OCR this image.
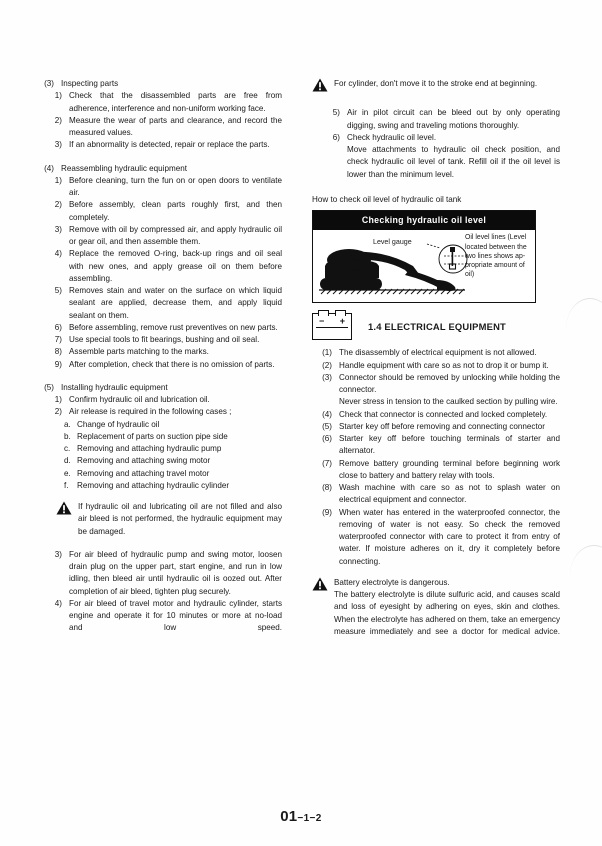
(3) Inspecting parts
1) Check that the disassembled parts are free from adherence, interference and non-uniform working face.
2) Measure the wear of parts and clearance, and record the measured values.
3) If an abnormality is detected, repair or replace the parts.
(4) Reassembling hydraulic equipment
1) Before cleaning, turn the fun on or open doors to ventilate air.
2) Before assembly, clean parts roughly first, and then completely.
3) Remove with oil by compressed air, and apply hydraulic oil or gear oil, and then assemble them.
4) Replace the removed O-ring, back-up rings and oil seal with new ones, and apply grease oil on them before assembling.
5) Removes stain and water on the surface on which liquid sealant are applied, decrease them, and apply liquid sealant on them.
6) Before assembling, remove rust preventives on new parts.
7) Use special tools to fit bearings, bushing and oil seal.
8) Assemble parts matching to the marks.
9) After completion, check that there is no omission of parts.
(5) Installing hydraulic equipment
1) Confirm hydraulic oil and lubrication oil.
2) Air release is required in the following cases ;
a. Change of hydraulic oil
b. Replacement of parts on suction pipe side
c. Removing and attaching hydraulic pump
d. Removing and attaching swing motor
e. Removing and attaching travel motor
f.	Removing and attaching hydraulic cylinder
If hydraulic oil and lubricating oil are not filled and also air bleed is not performed, the hydraulic equipment may be damaged.
3) For air bleed of hydraulic pump and swing motor, loosen drain plug on the upper part, start engine, and run in low idling, then bleed air until hydraulic oil is oozed out. After completion of air bleed, tighten plug securely.
4) For air bleed of travel motor and hydraulic cylinder, starts engine and operate it for 10 minutes or more at no-load and low speed.
For cylinder, don't move it to the stroke end at beginning.
5) Air in pilot circuit can be bleed out by only operating digging, swing and traveling motions thoroughly.
6) Check hydraulic oil level.
Move attachments to hydraulic oil check position, and check hydraulic oil level of tank. Refill oil if the oil level is lower than the minimum level.
How to check oil level of hydraulic oil tank
Checking hydraulic oil level
Level gauge
Oil level lines (Level located between the two lines shows ap-propriate amount of oil)
− + 1.4 ELECTRICAL EQUIPMENT
(1) The disassembly of electrical equipment is not allowed.
(2) Handle equipment with care so as not to drop it or bump it.
(3) Connector should be removed by unlocking while holding the connector.
Never stress in tension to the caulked section by pulling wire.
(4) Check that connector is connected and locked completely.
(5) Starter key off before removing and connecting connector
(6) Starter key off before touching terminals of starter and alternator.
(7) Remove battery grounding terminal before beginning work close to battery and battery relay with tools.
(8) Wash machine with care so as not to splash water on electrical equipment and connector.
(9) When water has entered in the waterproofed connector, the removing of water is not easy. So check the removed waterproofed connector with care to protect it from entry of water. If moisture adheres on it, dry it completely before connecting.
Battery electrolyte is dangerous.
The battery electrolyte is dilute sulfuric acid, and causes scald and loss of eyesight by adhering on eyes, skin and clothes. When the electrolyte has adhered on them, take an emergency measure immediately and see a doctor for medical advice.
01−1−2
